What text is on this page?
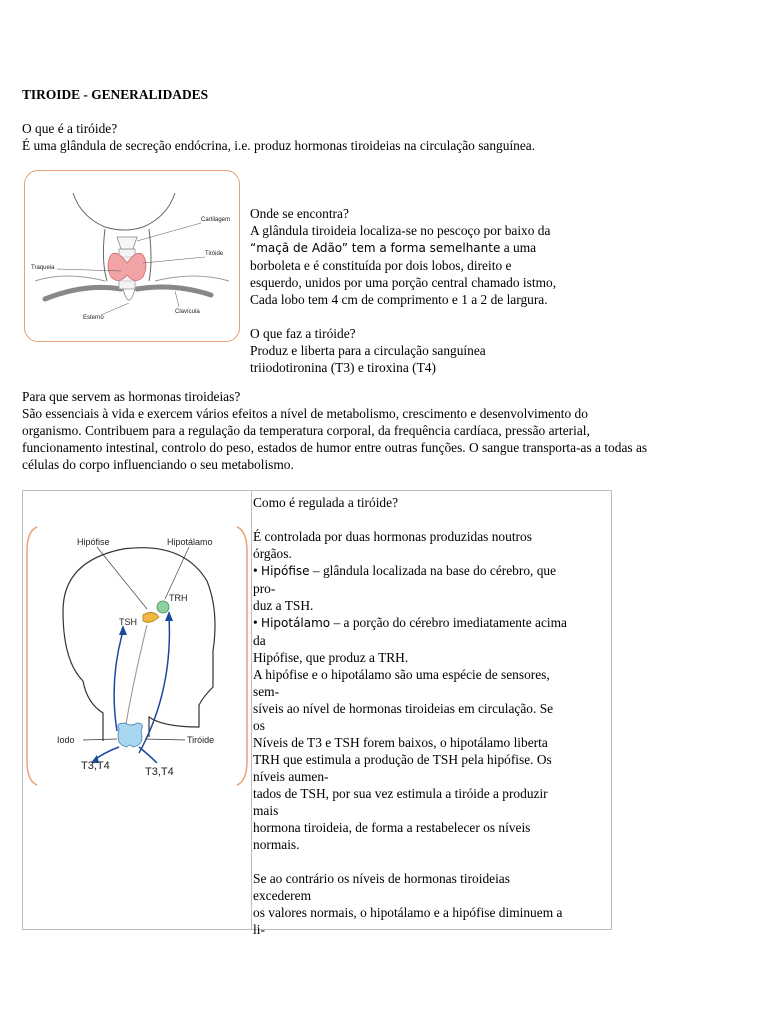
TIROIDE - GENERALIDADES

O que é a tiróide?

É uma glândula de secreção endócrina, i.e. produz hormonas tiroideias na circulação sanguínea.

Cartilagem
Tiróide
Traqueia
Clavícula
Esterno
Onde se encontra?
A glândula tiroideia localiza-se no pescoço por baixo da
“maçã de Adão” tem a forma semelhante a uma
borboleta e é constituída por dois lobos, direito e
esquerdo, unidos por uma porção central chamado istmo,
Cada lobo tem 4 cm de comprimento e 1 a 2 de largura.
O que faz a tiróide?
Produz e liberta para a circulação sanguínea
triiodotironina (T3) e tiroxina (T4)
Para que servem as hormonas tiroideias?
São essenciais à vida e exercem vários efeitos a nível de metabolismo, crescimento e desenvolvimento do
organismo. Contribuem para a regulação da temperatura corporal, da frequência cardíaca, pressão arterial,
funcionamento intestinal, controlo do peso, estados de humor entre outras funções. O sangue transporta-as a todas as
células do corpo influenciando o seu metabolismo.
Hipófise	Hipotálamo
TRH
TSH
Iodo	Tiróide
T3,T4	T3,T4
Como é regulada a tiróide?
É controlada por duas hormonas produzidas noutros
órgãos.
• Hipófise – glândula localizada na base do cérebro, que
pro-
duz a TSH.
• Hipotálamo – a porção do cérebro imediatamente acima
da
Hipófise, que produz a TRH.
A hipófise e o hipotálamo são uma espécie de sensores,
sem-
síveis ao nível de hormonas tiroideias em circulação. Se
os
Níveis de T3 e TSH forem baixos, o hipotálamo liberta
TRH que estimula a produção de TSH pela hipófise. Os
níveis aumen-
tados de TSH, por sua vez estimula a tiróide a produzir
mais
hormona tiroideia, de forma a restabelecer os níveis
normais.
Se ao contrário os níveis de hormonas tiroideias
excederem
os valores normais, o hipotálamo e a hipófise diminuem a
li-
